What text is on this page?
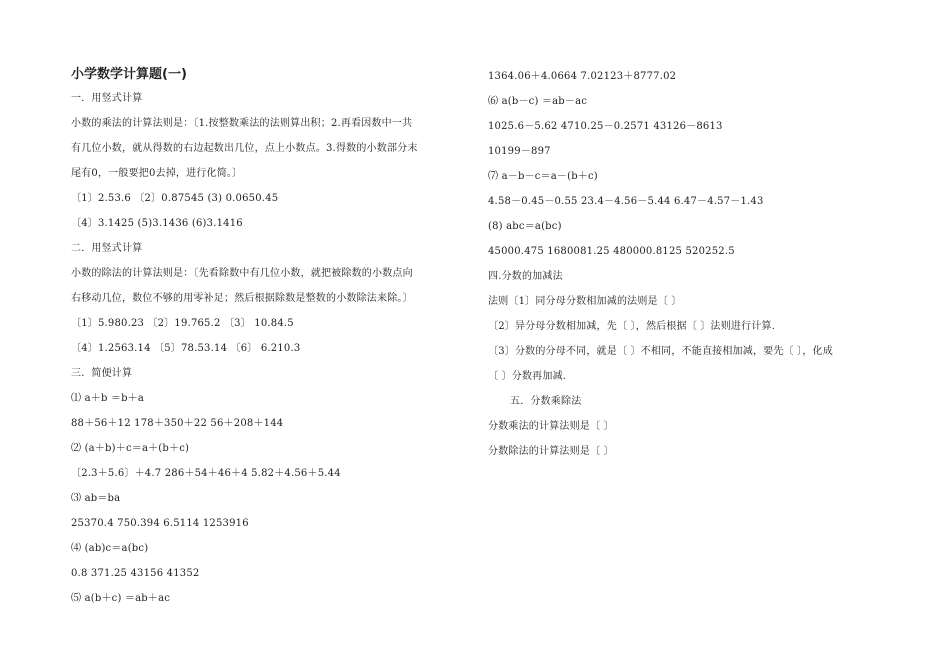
小学数学计算题(一)
一．用竖式计算
小数的乘法的计算法则是：〔1.按整数乘法的法则算出积；2.再看因数中一共
有几位小数，就从得数的右边起数出几位，点上小数点。3.得数的小数部分末
尾有0，一般要把0去掉，进行化简。〕
〔1〕2.53.6 〔2〕0.87545 (3) 0.0650.45
〔4〕3.1425 (5)3.1436 (6)3.1416
二．用竖式计算
小数的除法的计算法则是：〔先看除数中有几位小数，就把被除数的小数点向
右移动几位，数位不够的用零补足；然后根据除数是整数的小数除法来除。〕
〔1〕5.980.23 〔2〕19.765.2 〔3〕 10.84.5
〔4〕1.2563.14 〔5〕78.53.14 〔6〕 6.210.3
三．简便计算
⑴ a＋b ＝b＋a
88＋56＋12 178＋350＋22 56＋208＋144
⑵ (a＋b)＋c＝a＋(b＋c)
〔2.3＋5.6〕＋4.7 286＋54＋46＋4 5.82＋4.56＋5.44
⑶ ab＝ba
25370.4 750.394 6.5114 1253916
⑷ (ab)c＝a(bc)
0.8 371.25 43156 41352
⑸ a(b＋c) ＝ab＋ac
1364.06＋4.0664 7.02123＋8777.02
⑹ a(b－c) ＝ab－ac
1025.6－5.62 4710.25－0.2571 43126－8613
10199－897
⑺ a－b－c＝a－(b＋c)
4.58－0.45－0.55 23.4－4.56－5.44 6.47－4.57－1.43
(8) abc＝a(bc)
45000.475 1680081.25 480000.8125 520252.5
四.分数的加减法
法则〔1〕同分母分数相加减的法则是〔 〕
〔2〕异分母分数相加减，先〔 〕，然后根据〔 〕法则进行计算.
〔3〕分数的分母不同，就是〔 〕不相同，不能直接相加减，要先〔 〕，化成
〔 〕分数再加减.
五．分数乘除法
分数乘法的计算法则是〔 〕
分数除法的计算法则是〔 〕
